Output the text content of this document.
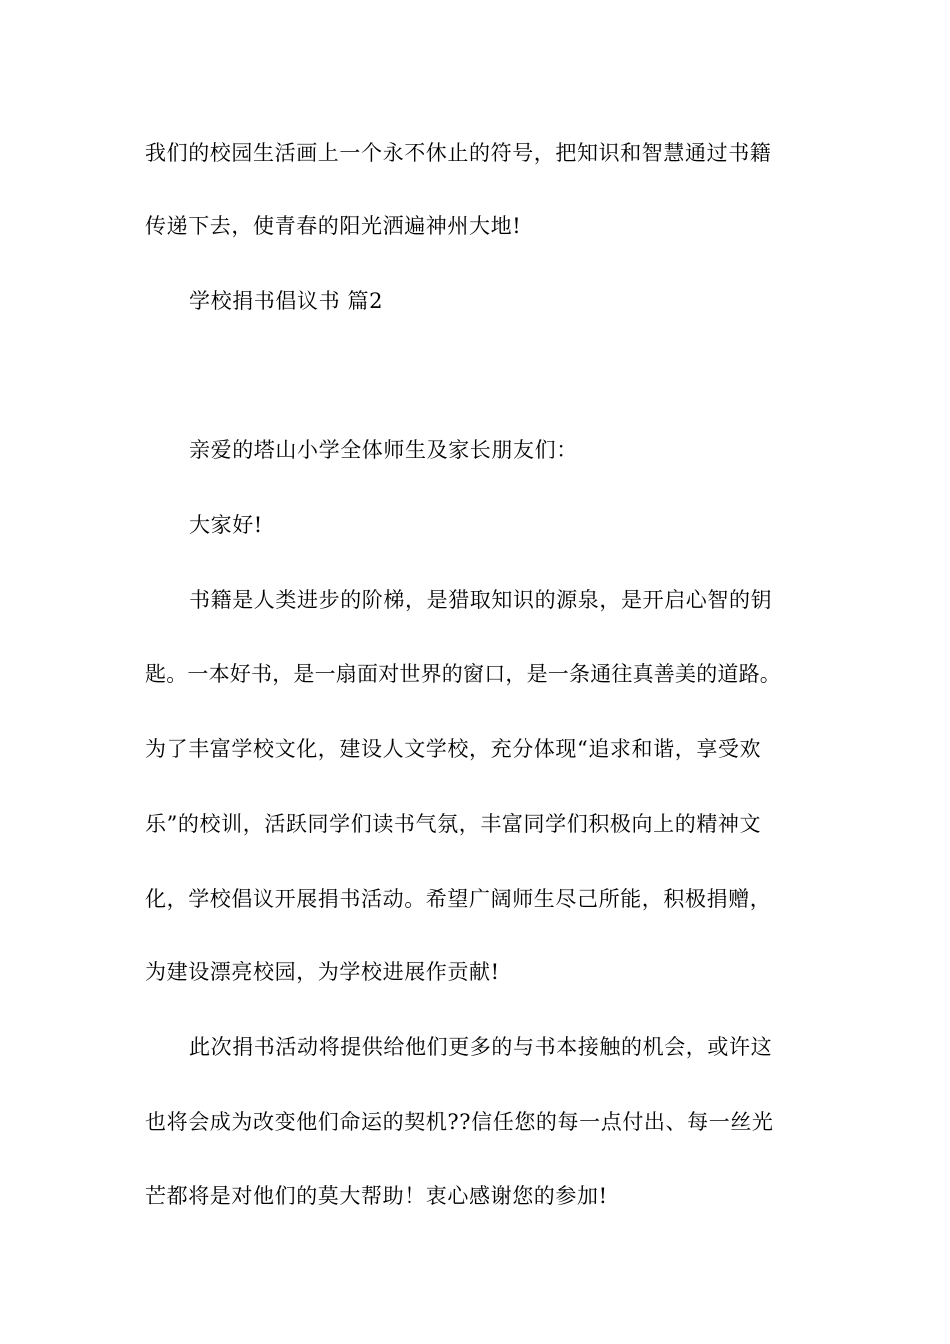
我们的校园生活画上一个永不休止的符号，把知识和智慧通过书籍
传递下去，使青春的阳光洒遍神州大地!
学校捐书倡议书 篇2
亲爱的塔山小学全体师生及家长朋友们：
大家好!
书籍是人类进步的阶梯，是猎取知识的源泉，是开启心智的钥
匙。一本好书，是一扇面对世界的窗口，是一条通往真善美的道路。
为了丰富学校文化，建设人文学校，充分体现“追求和谐，享受欢
乐”的校训，活跃同学们读书气氛，丰富同学们积极向上的精神文
化，学校倡议开展捐书活动。希望广阔师生尽己所能，积极捐赠，
为建设漂亮校园，为学校进展作贡献!
此次捐书活动将提供给他们更多的与书本接触的机会，或许这
也将会成为改变他们命运的契机??信任您的每一点付出、每一丝光
芒都将是对他们的莫大帮助！衷心感谢您的参加!
